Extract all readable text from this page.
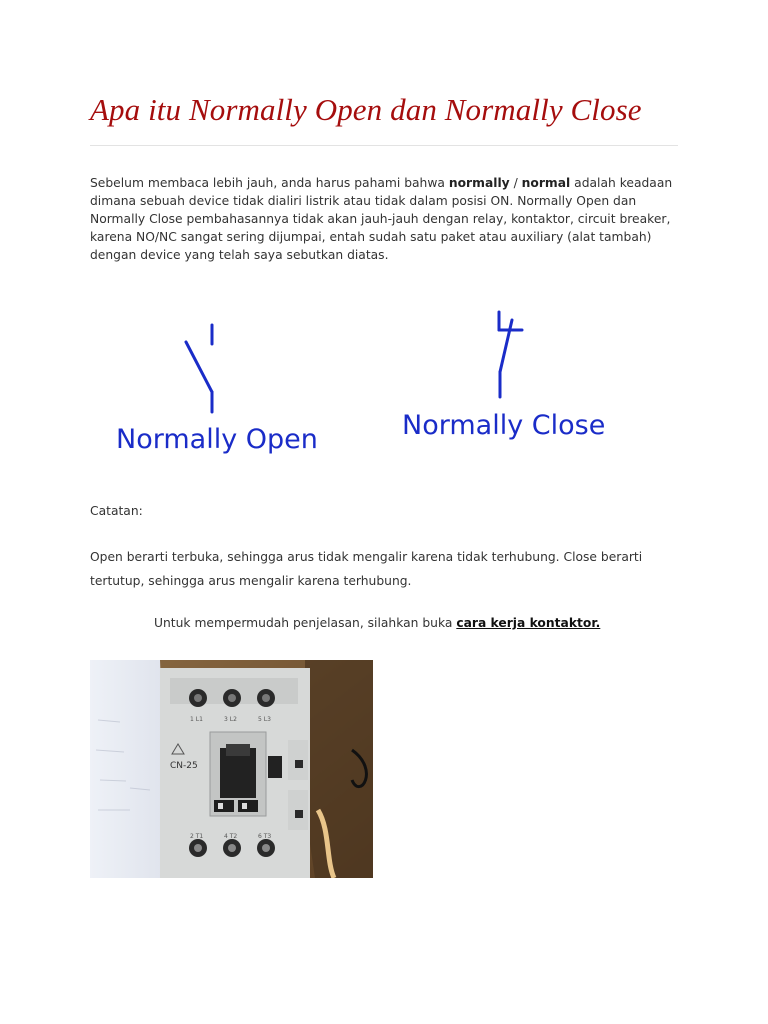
Apa itu Normally Open dan Normally Close

Sebelum membaca lebih jauh, anda harus pahami bahwa normally / normal adalah keadaan dimana sebuah device tidak dialiri listrik atau tidak dalam posisi ON. Normally Open dan Normally Close pembahasannya tidak akan jauh-jauh dengan relay, kontaktor, circuit breaker, karena NO/NC sangat sering dijumpai, entah sudah satu paket atau auxiliary (alat tambah) dengan device yang telah saya sebutkan diatas.

Normally Open	Normally Close

Catatan:

Open berarti terbuka, sehingga arus tidak mengalir karena tidak terhubung. Close berarti tertutup, sehingga arus mengalir karena terhubung.

Untuk mempermudah penjelasan, silahkan buka cara kerja kontaktor.

1 L1	3 L2	5 L3
CN-25
2 T1	4 T2	6 T3
